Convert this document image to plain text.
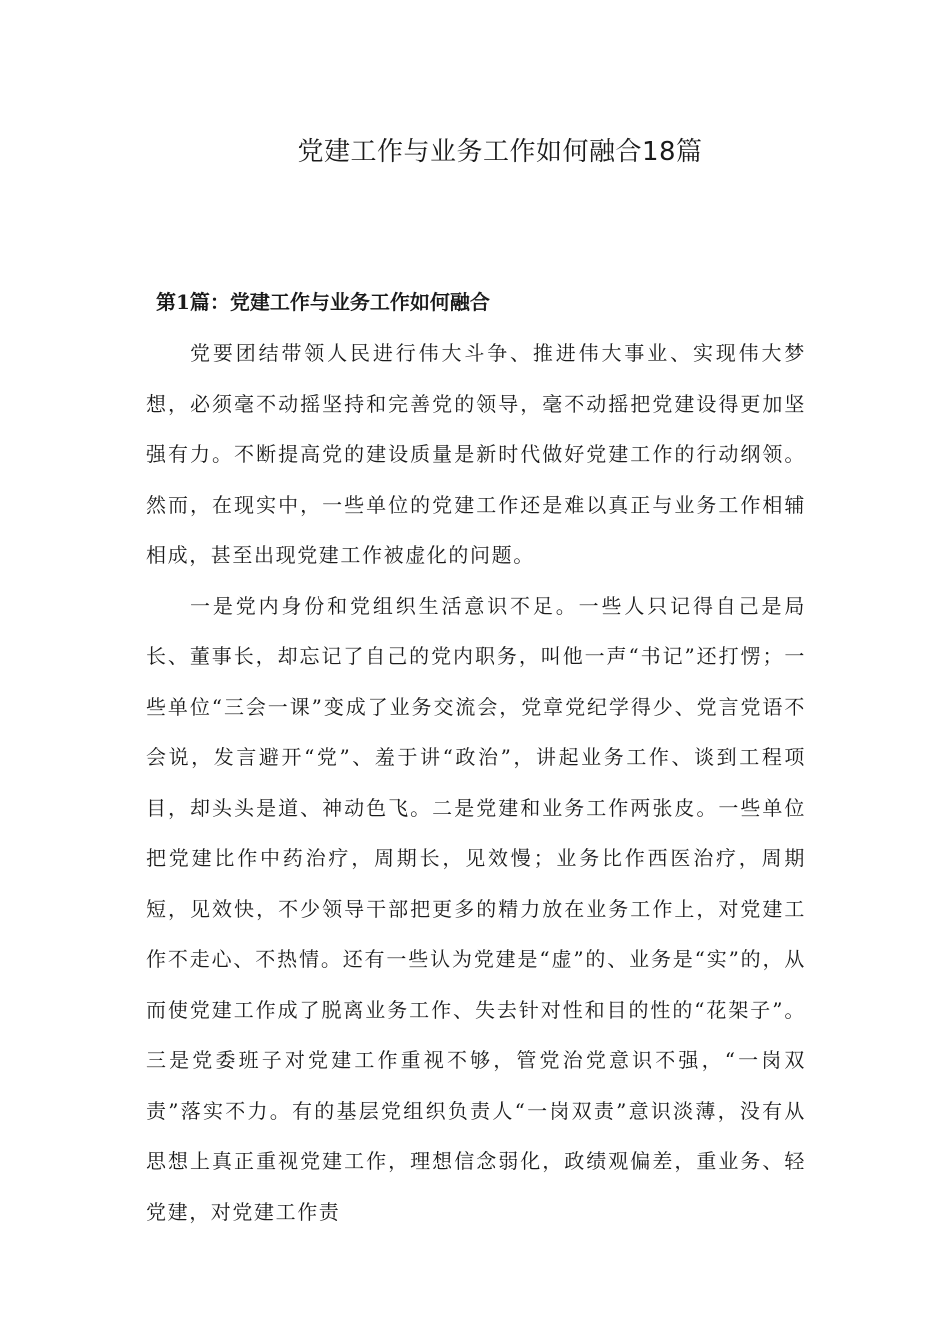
党建工作与业务工作如何融合18篇
第1篇：党建工作与业务工作如何融合

党要团结带领人民进行伟大斗争、推进伟大事业、实现伟大梦想，必须毫不动摇坚持和完善党的领导，毫不动摇把党建设得更加坚强有力。不断提高党的建设质量是新时代做好党建工作的行动纲领。然而，在现实中，一些单位的党建工作还是难以真正与业务工作相辅相成，甚至出现党建工作被虚化的问题。

一是党内身份和党组织生活意识不足。一些人只记得自己是局长、董事长，却忘记了自己的党内职务，叫他一声“书记”还打愣；一些单位“三会一课”变成了业务交流会，党章党纪学得少、党言党语不会说，发言避开“党”、羞于讲“政治”，讲起业务工作、谈到工程项目，却头头是道、神动色飞。二是党建和业务工作两张皮。一些单位把党建比作中药治疗，周期长，见效慢；业务比作西医治疗，周期短，见效快，不少领导干部把更多的精力放在业务工作上，对党建工作不走心、不热情。还有一些认为党建是“虚”的、业务是“实”的，从而使党建工作成了脱离业务工作、失去针对性和目的性的“花架子”。三是党委班子对党建工作重视不够，管党治党意识不强，“一岗双责”落实不力。有的基层党组织负责人“一岗双责”意识淡薄，没有从思想上真正重视党建工作，理想信念弱化，政绩观偏差，重业务、轻党建，对党建工作责
